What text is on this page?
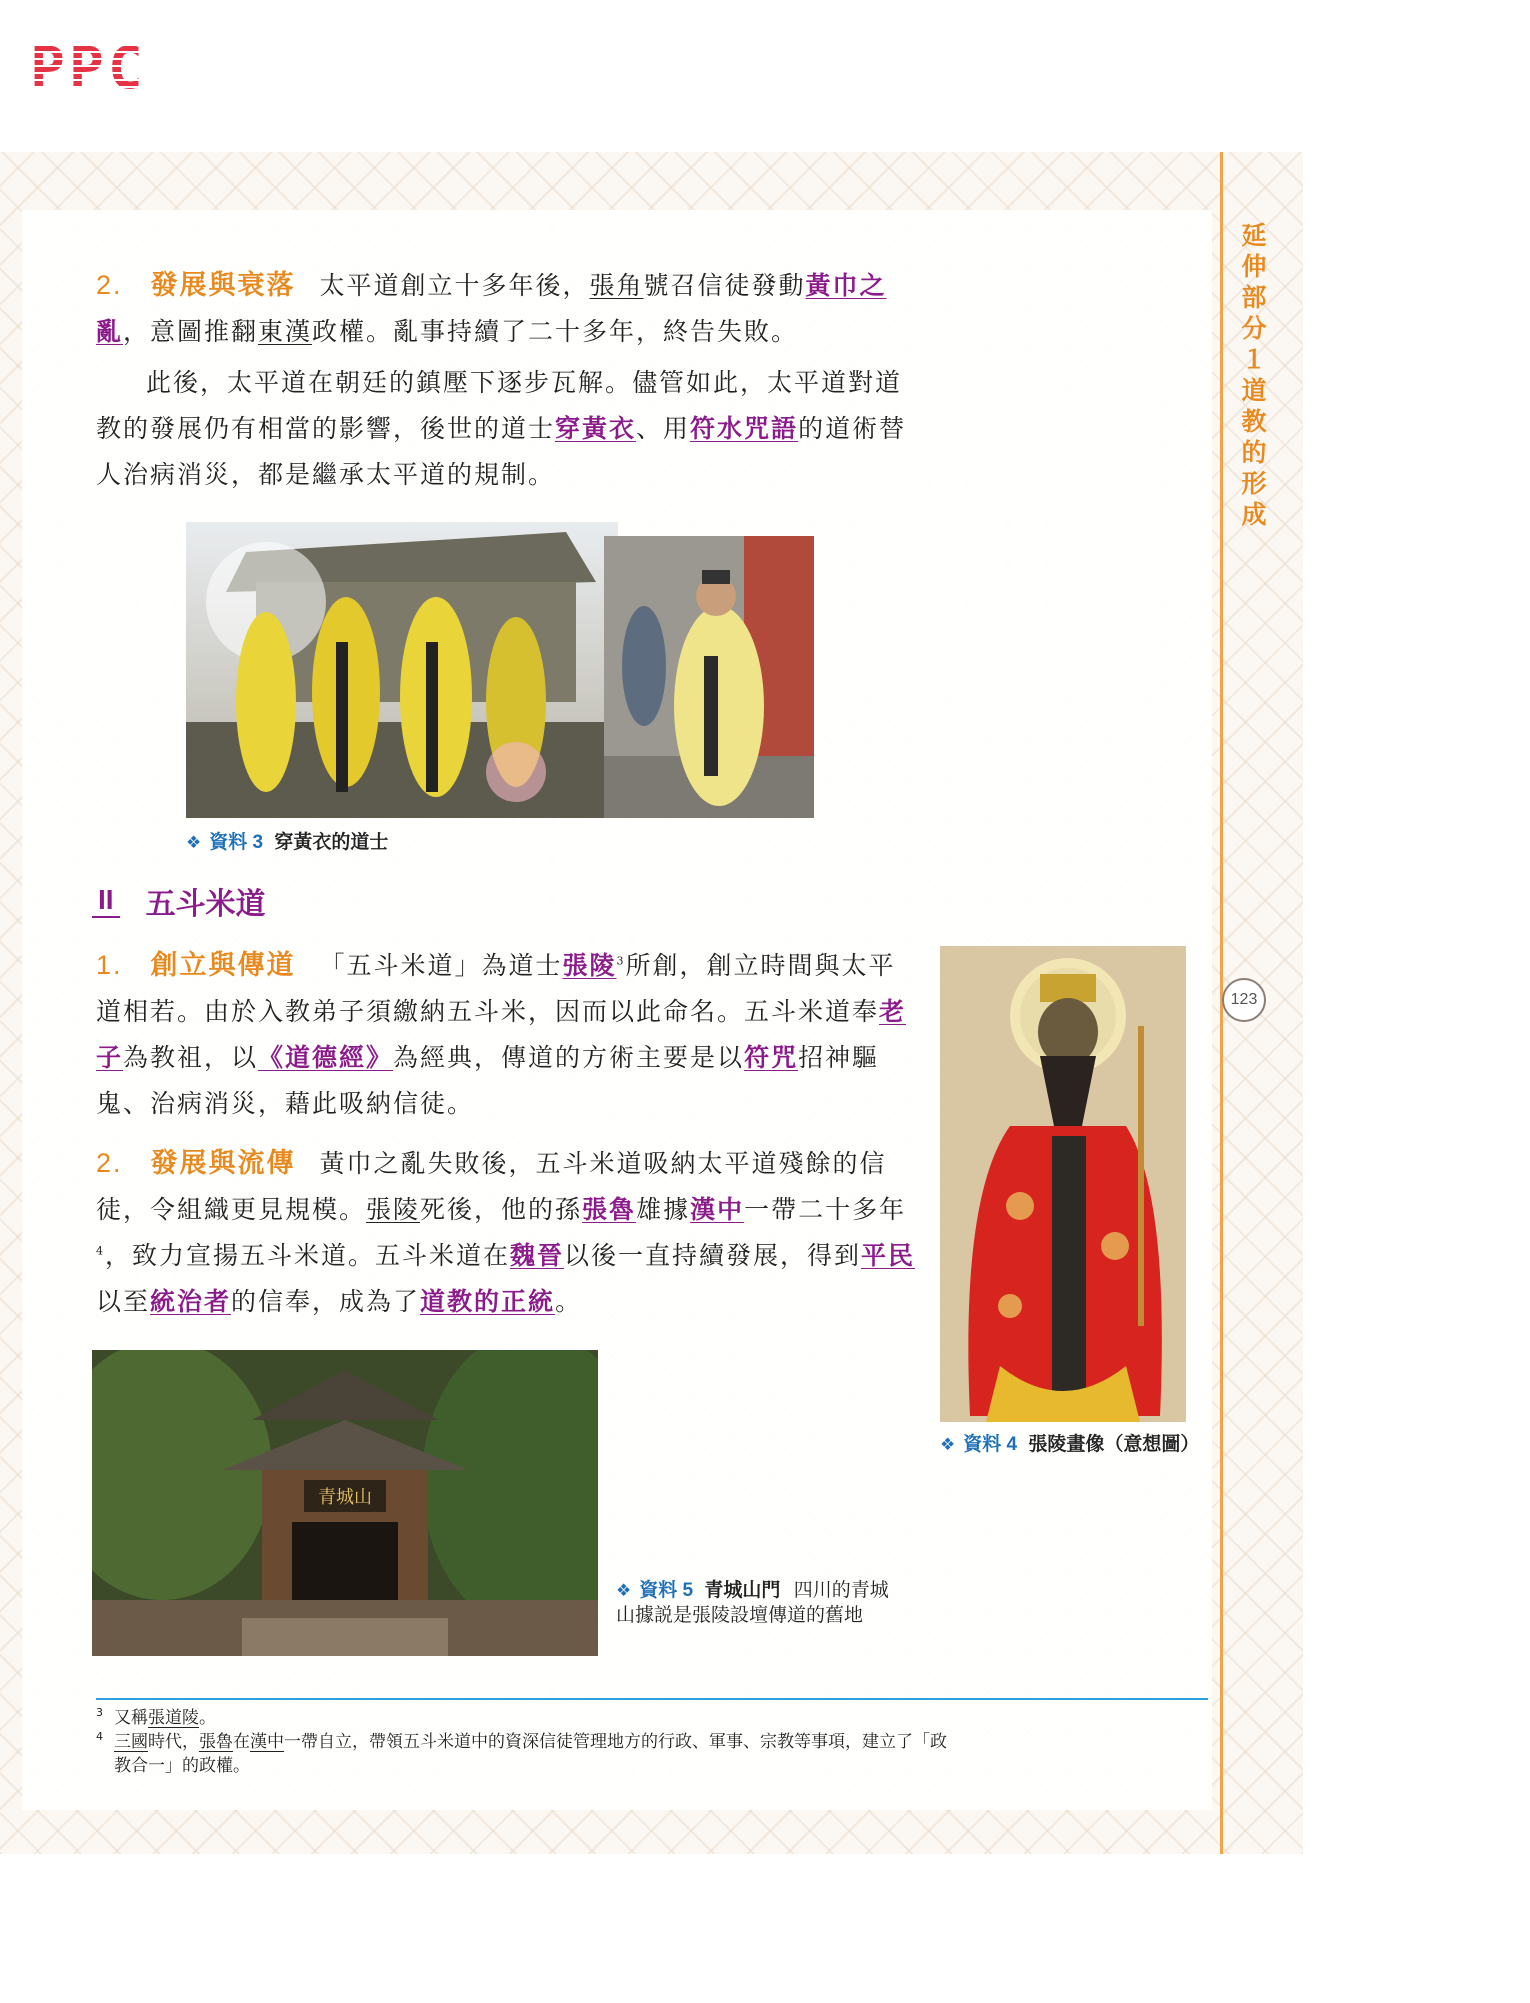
PPC
延伸部分１道教的形成
123
2. 發展與衰落 太平道創立十多年後，張角號召信徒發動黃巾之亂，意圖推翻東漢政權。亂事持續了二十多年，終告失敗。
此後，太平道在朝廷的鎮壓下逐步瓦解。儘管如此，太平道對道教的發展仍有相當的影響，後世的道士穿黃衣、用符水咒語的道術替人治病消災，都是繼承太平道的規制。
❖ 資料 3 穿黃衣的道士
II 五斗米道
1. 創立與傳道 「五斗米道」為道士張陵$^3$所創，創立時間與太平道相若。由於入教弟子須繳納五斗米，因而以此命名。五斗米道奉老子為教祖，以《道德經》為經典，傳道的方術主要是以符咒招神驅鬼、治病消災，藉此吸納信徒。
2. 發展與流傳 黃巾之亂失敗後，五斗米道吸納太平道殘餘的信徒，令組織更見規模。張陵死後，他的孫張魯雄據漢中一帶二十多年$^4$，致力宣揚五斗米道。五斗米道在魏晉以後一直持續發展，得到平民以至統治者的信奉，成為了道教的正統。
❖ 資料 4 張陵畫像（意想圖）
青城山
❖ 資料 5 青城山門 四川的青城山據説是張陵設壇傳道的舊地
3 又稱張道陵。
4 三國時代，張魯在漢中一帶自立，帶領五斗米道中的資深信徒管理地方的行政、軍事、宗教等事項，建立了「政教合一」的政權。
